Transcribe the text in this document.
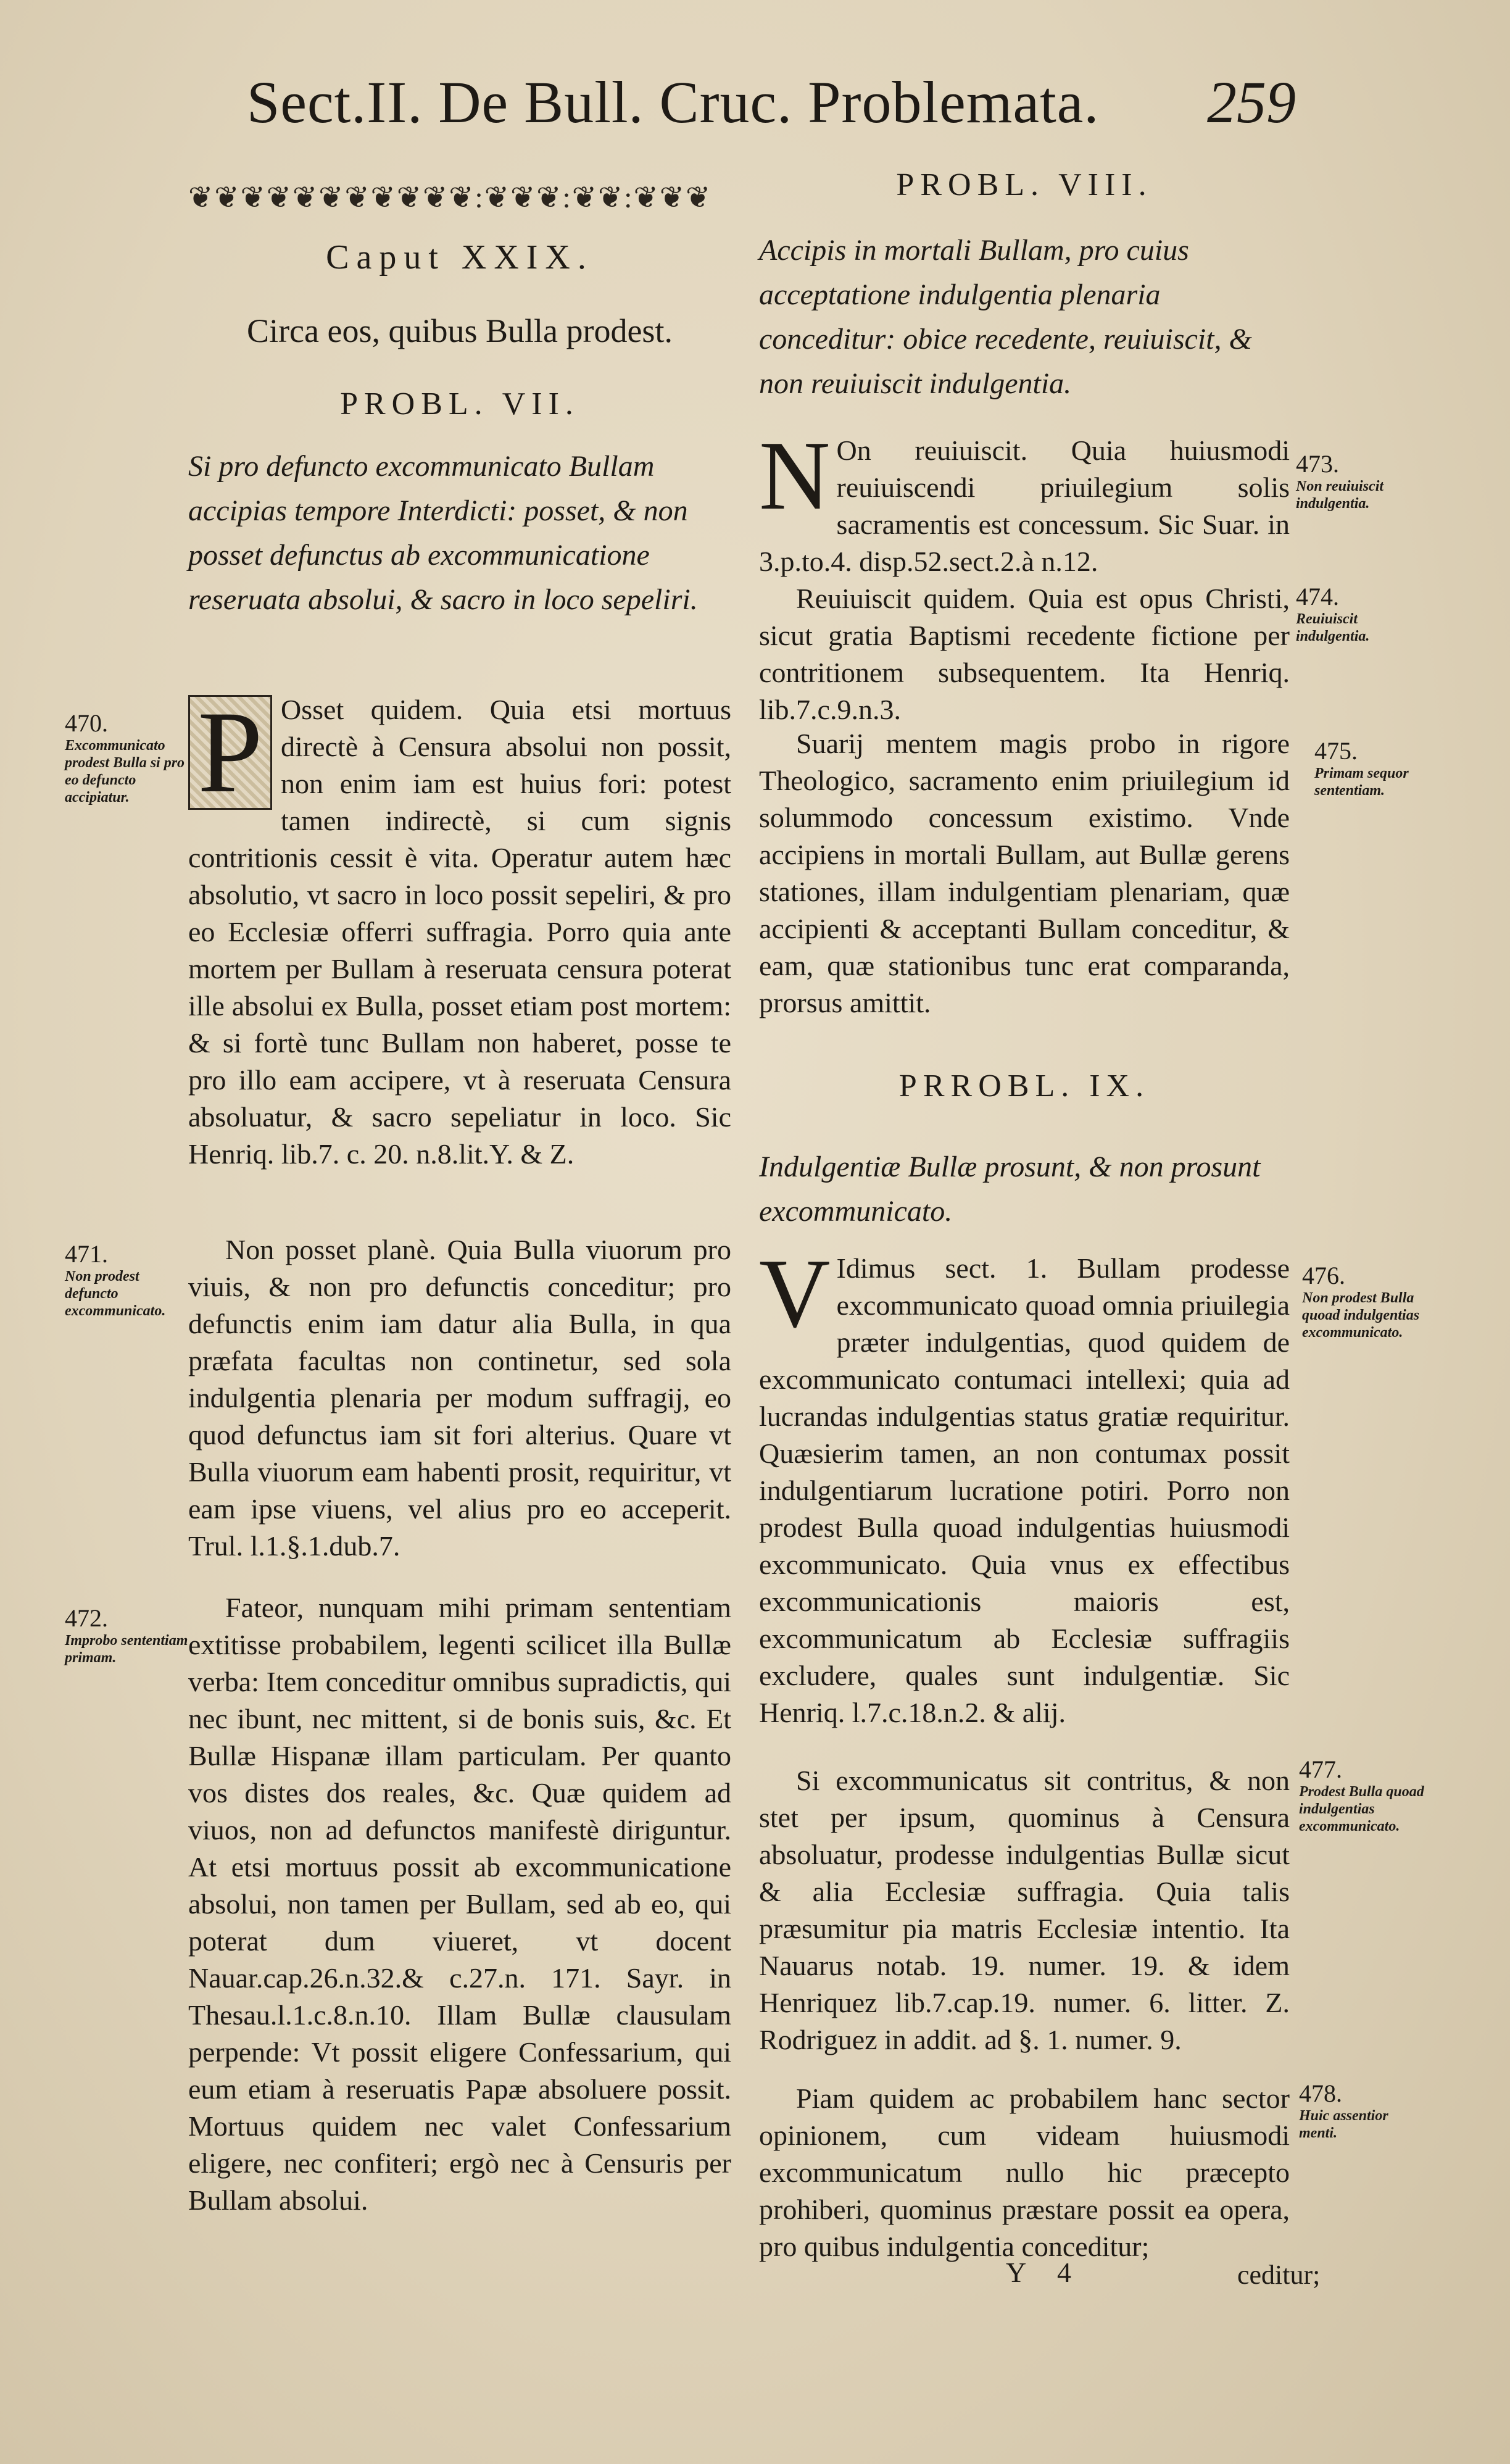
Sect.II. De Bull. Cruc. Problemata. 259
❦❦❦❦❦❦❦❦❦❦❦:❦❦❦:❦❦:❦❦❦
Caput XXIX.
Circa eos, quibus Bulla prodest.
PROBL. VII.
Si pro defuncto excommunicato Bullam accipias tempore Interdicti: posset, & non posset defunctus ab excommunicatione reseruata absolui, & sacro in loco sepeliri.
P Osset quidem. Quia etsi mortuus directè à Censura absolui non possit, non enim iam est huius fori: potest tamen indirectè, si cum signis contritionis cessit è vita. Operatur autem hæc absolutio, vt sacro in loco possit sepeliri, & pro eo Ecclesiæ offerri suffragia. Porro quia ante mortem per Bullam à reseruata censura poterat ille absolui ex Bulla, posset etiam post mortem: & si fortè tunc Bullam non haberet, posse te pro illo eam accipere, vt à reseruata Censura absoluatur, & sacro sepeliatur in loco. Sic Henriq. lib.7. c. 20. n.8.lit.Y. & Z.
Non posset planè. Quia Bulla viuorum pro viuis, & non pro defunctis conceditur; pro defunctis enim iam datur alia Bulla, in qua præfata facultas non continetur, sed sola indulgentia plenaria per modum suffragij, eo quod defunctus iam sit fori alterius. Quare vt Bulla viuorum eam habenti prosit, requiritur, vt eam ipse viuens, vel alius pro eo acceperit. Trul. l.1.§.1.dub.7.
Fateor, nunquam mihi primam sententiam extitisse probabilem, legenti scilicet illa Bullæ verba: Item conceditur omnibus supradictis, qui nec ibunt, nec mittent, si de bonis suis, &c. Et Bullæ Hispanæ illam particulam. Per quanto vos distes dos reales, &c. Quæ quidem ad viuos, non ad defunctos manifestè diriguntur. At etsi mortuus possit ab excommunicatione absolui, non tamen per Bullam, sed ab eo, qui poterat dum viueret, vt docent Nauar.cap.26.n.32.& c.27.n. 171. Sayr. in Thesau.l.1.c.8.n.10. Illam Bullæ clausulam perpende: Vt possit eligere Confessarium, qui eum etiam à reseruatis Papæ absoluere possit. Mortuus quidem nec valet Confessarium eligere, nec confiteri; ergò nec à Censuris per Bullam absolui.
470.
Excommunicato prodest Bulla si pro eo defuncto accipiatur.
471.
Non prodest defuncto excommunicato.
472.
Improbo sententiam primam.
PROBL. VIII.
Accipis in mortali Bullam, pro cuius acceptatione indulgentia plenaria conceditur: obice recedente, reuiuiscit, & non reuiuiscit indulgentia.
N On reuiuiscit. Quia huiusmodi reuiuiscendi priuilegium solis sacramentis est concessum. Sic Suar. in 3.p.to.4. disp.52.sect.2.à n.12.
Reuiuiscit quidem. Quia est opus Christi, sicut gratia Baptismi recedente fictione per contritionem subsequentem. Ita Henriq. lib.7.c.9.n.3.
Suarij mentem magis probo in rigore Theologico, sacramento enim priuilegium id solummodo concessum existimo. Vnde accipiens in mortali Bullam, aut Bullæ gerens stationes, illam indulgentiam plenariam, quæ accipienti & acceptanti Bullam conceditur, & eam, quæ stationibus tunc erat comparanda, prorsus amittit.
PRROBL. IX.
Indulgentiæ Bullæ prosunt, & non prosunt excommunicato.
V Idimus sect. 1. Bullam prodesse excommunicato quoad omnia priuilegia præter indulgentias, quod quidem de excommunicato contumaci intellexi; quia ad lucrandas indulgentias status gratiæ requiritur. Quæsierim tamen, an non contumax possit indulgentiarum lucratione potiri. Porro non prodest Bulla quoad indulgentias huiusmodi excommunicato. Quia vnus ex effectibus excommunicationis maioris est, excommunicatum ab Ecclesiæ suffragiis excludere, quales sunt indulgentiæ. Sic Henriq. l.7.c.18.n.2. & alij.
Si excommunicatus sit contritus, & non stet per ipsum, quominus à Censura absoluatur, prodesse indulgentias Bullæ sicut & alia Ecclesiæ suffragia. Quia talis præsumitur pia matris Ecclesiæ intentio. Ita Nauarus notab. 19. numer. 19. & idem Henriquez lib.7.cap.19. numer. 6. litter. Z. Rodriguez in addit. ad §. 1. numer. 9.
Piam quidem ac probabilem hanc sector opinionem, cum videam huiusmodi excommunicatum nullo hic præcepto prohiberi, quominus præstare possit ea opera, pro quibus indulgentia conceditur;
473.
Non reuiuiscit indulgentia.
474.
Reuiuiscit indulgentia.
475.
Primam sequor sententiam.
476.
Non prodest Bulla quoad indulgentias excommunicato.
477.
Prodest Bulla quoad indulgentias excommunicato.
478.
Huic assentior menti.
Y 4	ceditur;
